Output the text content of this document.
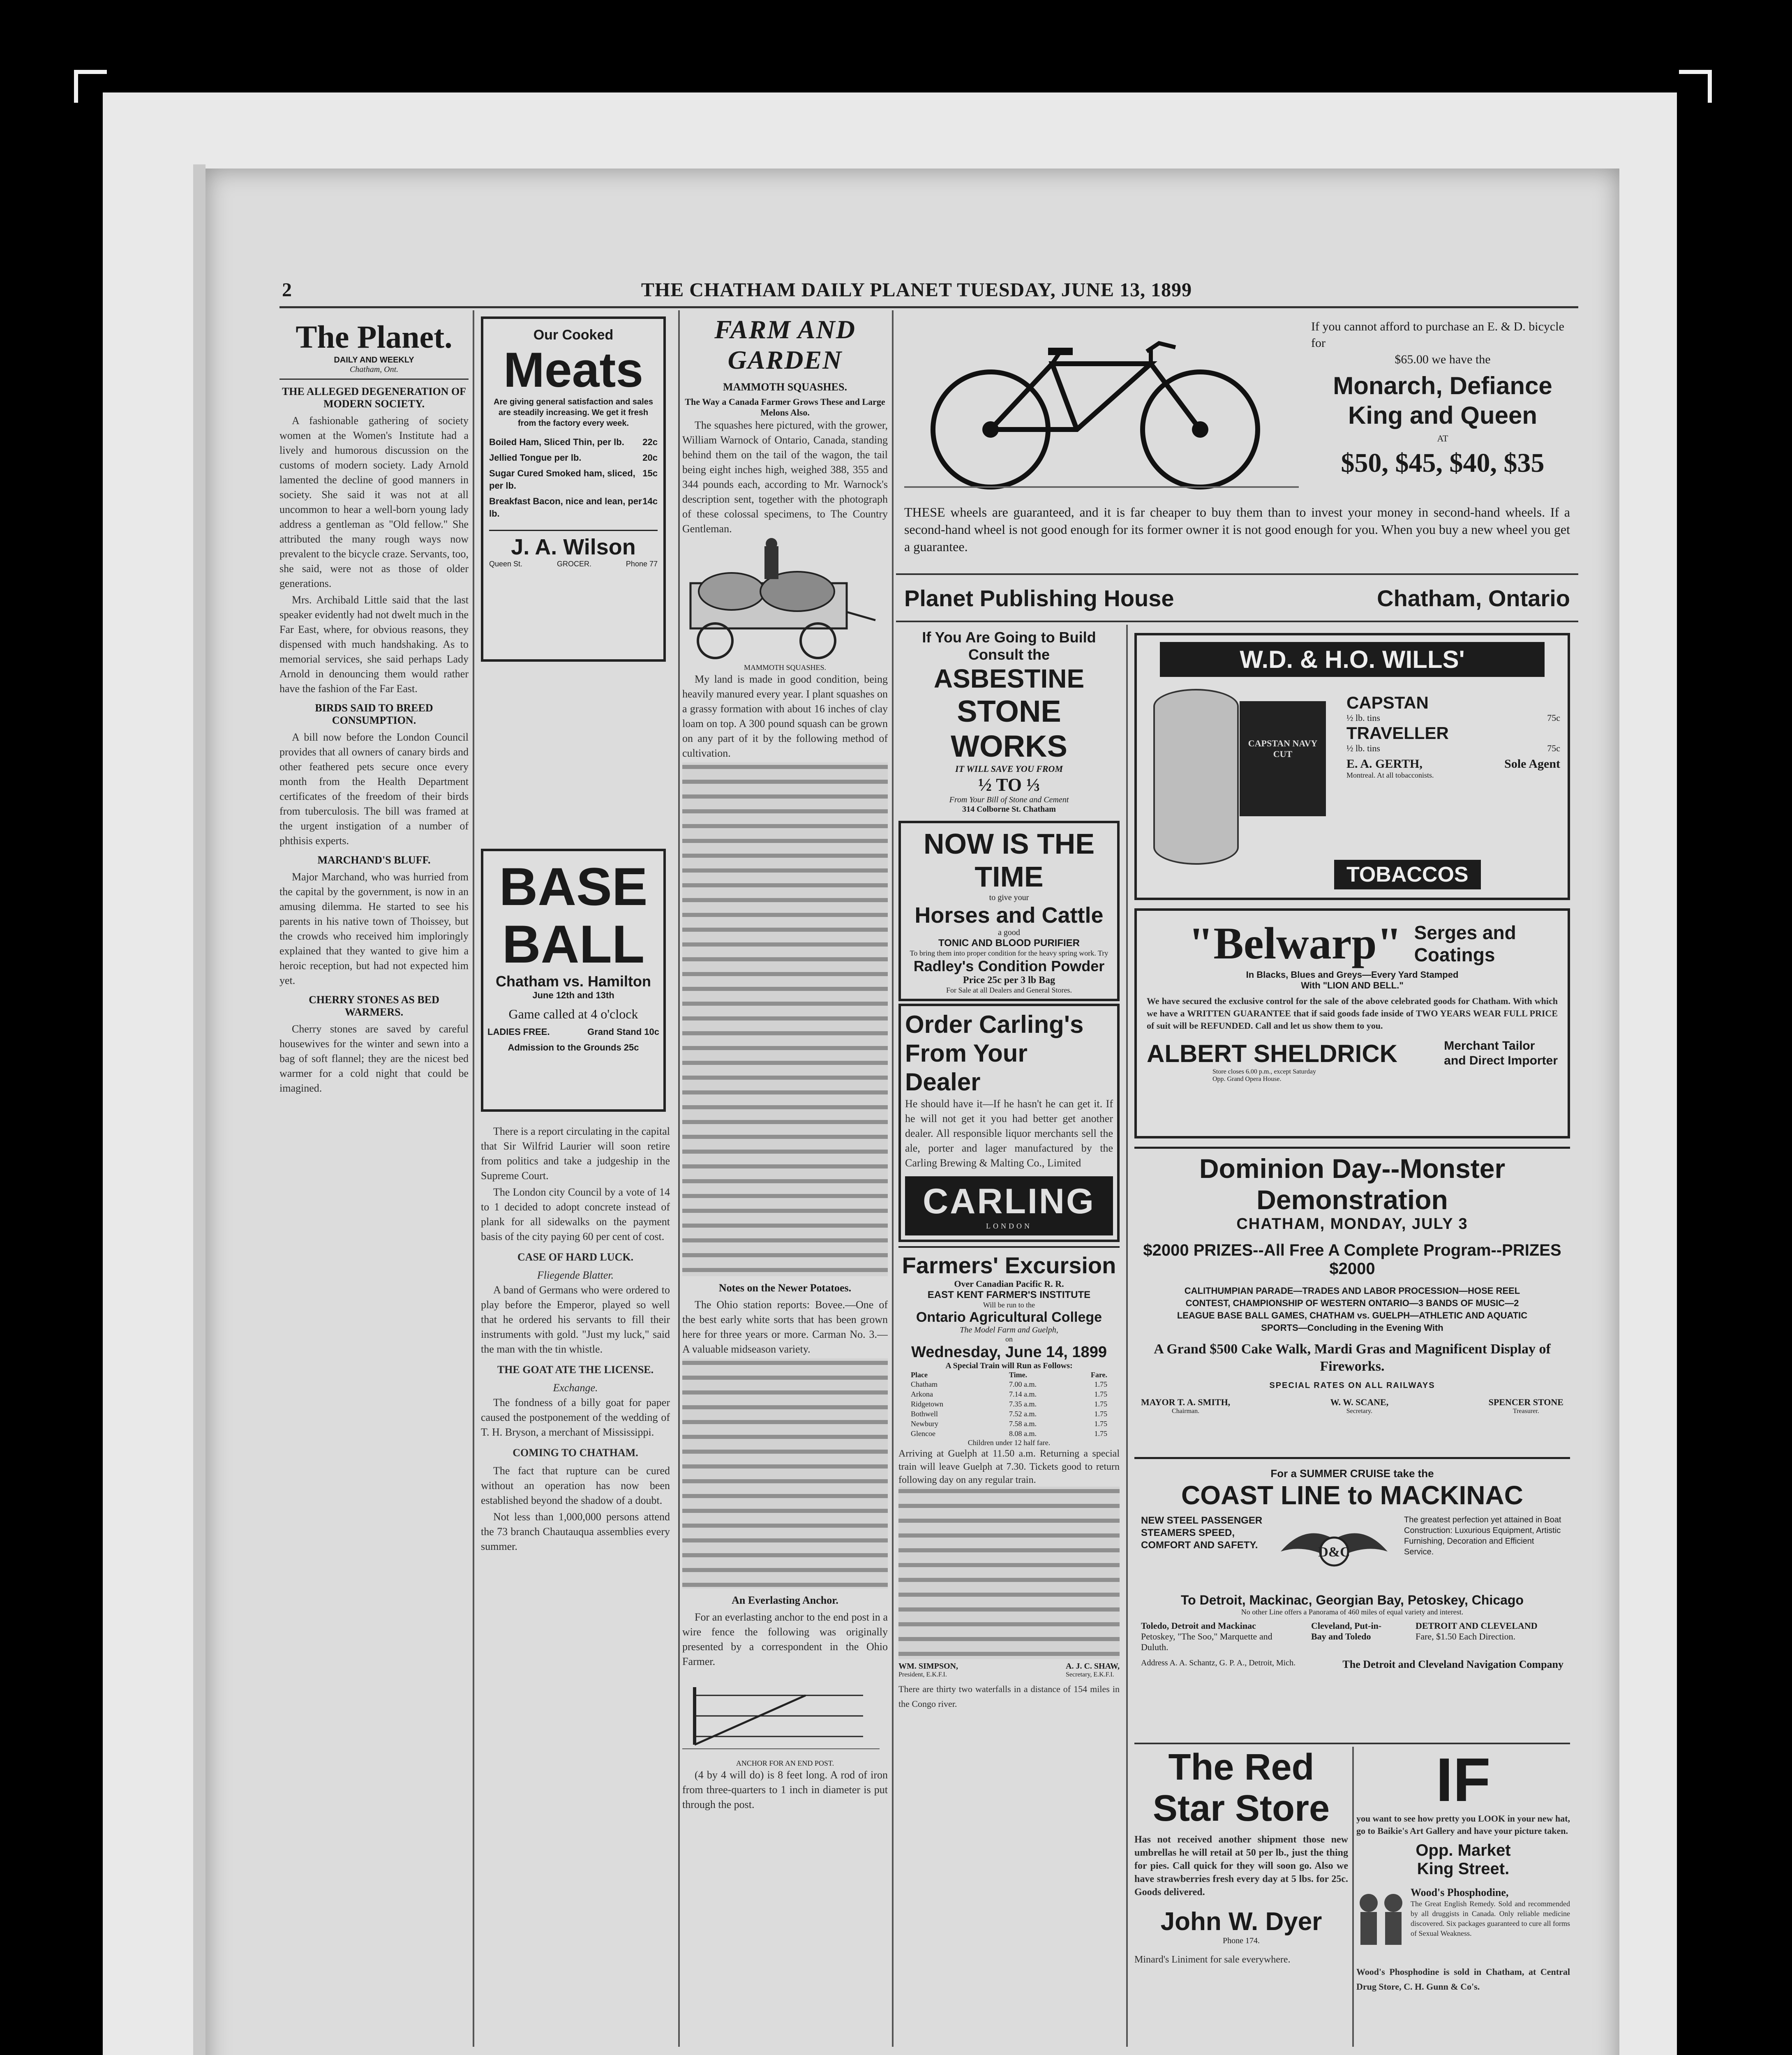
2	THE CHATHAM DAILY PLANET TUESDAY, JUNE 13, 1899
The Planet.
DAILY AND WEEKLY
Chatham, Ont.
THE ALLEGED DEGENERATION OF MODERN SOCIETY.

A fashionable gathering of society women at the Women's Institute had a lively and humorous discussion on the customs of modern society. Lady Arnold lamented the decline of good manners in society. She said it was not at all uncommon to hear a well-born young lady address a gentleman as "Old fellow." She attributed the many rough ways now prevalent to the bicycle craze. Servants, too, she said, were not as those of older generations.

Mrs. Archibald Little said that the last speaker evidently had not dwelt much in the Far East, where, for obvious reasons, they dispensed with much handshaking. As to memorial services, she said perhaps Lady Arnold in denouncing them would rather have the fashion of the Far East.

BIRDS SAID TO BREED CONSUMPTION.

A bill now before the London Council provides that all owners of canary birds and other feathered pets secure once every month from the Health Department certificates of the freedom of their birds from tuberculosis. The bill was framed at the urgent instigation of a number of phthisis experts.

MARCHAND'S BLUFF.

Major Marchand, who was hurried from the capital by the government, is now in an amusing dilemma. He started to see his parents in his native town of Thoissey, but the crowds who received him imploringly explained that they wanted to give him a heroic reception, but had not expected him yet.

CHERRY STONES AS BED WARMERS.

Cherry stones are saved by careful housewives for the winter and sewn into a bag of soft flannel; they are the nicest bed warmer for a cold night that could be imagined.

Our Cooked
Meats
Are giving general satisfaction and sales are steadily increasing. We get it fresh from the factory every week.
Boiled Ham, Sliced Thin, per lb. 22c
Jellied Tongue per lb.	20c
Sugar Cured Smoked ham, sliced, per lb.
15c
Breakfast Bacon, nice and lean, per lb.
14c
J. A. Wilson
Queen St.	GROCER.	Phone 77
BASE
BALL
Chatham vs. Hamilton
June 12th and 13th
Game called at 4 o'clock
LADIES FREE.	Grand Stand 10c
Admission to the Grounds 25c

There is a report circulating in the capital that Sir Wilfrid Laurier will soon retire from politics and take a judgeship in the Supreme Court.

The London city Council by a vote of 14 to 1 decided to adopt concrete instead of plank for all sidewalks on the payment basis of the city paying 60 per cent of cost.

CASE OF HARD LUCK.
Fliegende Blatter.

A band of Germans who were ordered to play before the Emperor, played so well that he ordered his servants to fill their instruments with gold. "Just my luck," said the man with the tin whistle.

THE GOAT ATE THE LICENSE.
Exchange.

The fondness of a billy goat for paper caused the postponement of the wedding of T. H. Bryson, a merchant of Mississippi.

COMING TO CHATHAM.

The fact that rupture can be cured without an operation has now been established beyond the shadow of a doubt.

Not less than 1,000,000 persons attend the 73 branch Chautauqua assemblies every summer.

FARM AND GARDEN
MAMMOTH SQUASHES.
The Way a Canada Farmer Grows These and Large Melons Also.

The squashes here pictured, with the grower, William Warnock of Ontario, Canada, standing behind them on the tail of the wagon, the tail being eight inches high, weighed 388, 355 and 344 pounds each, according to Mr. Warnock's description sent, together with the photograph of these colossal specimens, to The Country Gentleman.

MAMMOTH SQUASHES.

My land is made in good condition, being heavily manured every year. I plant squashes on a grassy formation with about 16 inches of clay loam on top. A 300 pound squash can be grown on any part of it by the following method of cultivation.

Notes on the Newer Potatoes.

The Ohio station reports: Bovee.—One of the best early white sorts that has been grown here for three years or more. Carman No. 3.—A valuable midseason variety.

An Everlasting Anchor.

For an everlasting anchor to the end post in a wire fence the following was originally presented by a correspondent in the Ohio Farmer.

ANCHOR FOR AN END POST.

(4 by 4 will do) is 8 feet long. A rod of iron from three-quarters to 1 inch in diameter is put through the post.

If you cannot afford to purchase an E. & D. bicycle for
$65.00 we have the
Monarch, Defiance
King and Queen
AT
$50, $45, $40, $35
THESE wheels are guaranteed, and it is far cheaper to buy them than to invest your money in second-hand wheels. If a second-hand wheel is not good enough for its former owner it is not good enough for you. When you buy a new wheel you get a guarantee.
Planet Publishing House	Chatham, Ontario
If You Are Going to Build
Consult the
ASBESTINE
STONE WORKS
IT WILL SAVE YOU FROM
½ TO ⅓
From Your Bill of Stone and Cement
314 Colborne St. Chatham
NOW IS THE TIME
to give your
Horses and Cattle
a good
TONIC AND BLOOD PURIFIER
To bring them into proper condition for the heavy spring work. Try
Radley's Condition Powder
Price 25c per 3 lb Bag
For Sale at all Dealers and General Stores.
Order Carling's
From Your
Dealer
He should have it—If he hasn't he can get it. If he will not get it you had better get another dealer. All responsible liquor merchants sell the ale, porter and lager manufactured by the Carling Brewing & Malting Co., Limited
CARLING
LONDON
Farmers' Excursion
Over Canadian Pacific R. R.
EAST KENT FARMER'S INSTITUTE
Will be run to the
Ontario Agricultural College
The Model Farm and Guelph,
on
Wednesday, June 14, 1899
A Special Train will Run as Follows:
Place	Time.	Fare.
Chatham	7.00 a.m.	1.75
Arkona	7.14 a.m.	1.75
Ridgetown	7.35 a.m.	1.75
Bothwell	7.52 a.m.	1.75
Newbury	7.58 a.m.	1.75
Glencoe	8.08 a.m.	1.75
Children under 12 half fare.
Arriving at Guelph at 11.50 a.m. Returning a special train will leave Guelph at 7.30. Tickets good to return following day on any regular train.
WM. SIMPSON,
President, E.K.F.I.
A. J. C. SHAW,
Secretary, E.K.F.I.
There are thirty two waterfalls in a distance of 154 miles in the Congo river.
W.D. & H.O. WILLS'
CAPSTAN NAVY CUT
CAPSTAN
½ lb. tins	75c
TRAVELLER
½ lb. tins	75c
E. A. GERTH,	Sole Agent
Montreal. At all tobacconists.
TOBACCOS
"Belwarp" Serges and
Coatings
In Blacks, Blues and Greys—Every Yard Stamped
With "LION AND BELL."
We have secured the exclusive control for the sale of the above celebrated goods for Chatham. With which we have a WRITTEN GUARANTEE that if said goods fade inside of TWO YEARS WEAR FULL PRICE of suit will be REFUNDED. Call and let us show them to you.
ALBERT SHELDRICK	Merchant Tailor
and Direct Importer
Store closes 6.00 p.m., except Saturday
Opp. Grand Opera House.
Dominion Day--Monster Demonstration
CHATHAM, MONDAY, JULY 3
$2000 PRIZES--All Free A Complete Program--PRIZES $2000
CALITHUMPIAN PARADE—TRADES AND LABOR PROCESSION—HOSE REEL CONTEST, CHAMPIONSHIP OF WESTERN ONTARIO—3 BANDS OF MUSIC—2 LEAGUE BASE BALL GAMES, CHATHAM vs. GUELPH—ATHLETIC AND AQUATIC SPORTS—Concluding in the Evening With
A Grand $500 Cake Walk, Mardi Gras and Magnificent Display of Fireworks.
SPECIAL RATES ON ALL RAILWAYS
MAYOR T. A. SMITH,
Chairman.
W. W. SCANE,
Secretary.
SPENCER STONE
Treasurer.
For a SUMMER CRUISE take the
COAST LINE to MACKINAC
NEW STEEL PASSENGER STEAMERS SPEED, COMFORT AND SAFETY.	D&C
The greatest perfection yet attained in Boat Construction: Luxurious Equipment, Artistic Furnishing, Decoration and Efficient Service.
To Detroit, Mackinac, Georgian Bay, Petoskey, Chicago
No other Line offers a Panorama of 460 miles of equal variety and interest.
Toledo, Detroit and Mackinac
Petoskey, "The Soo," Marquette and Duluth.
Cleveland, Put-in-Bay and Toledo
DETROIT AND CLEVELAND
Fare, $1.50 Each Direction.
Address A. A. Schantz, G. P. A., Detroit, Mich.	The Detroit and Cleveland Navigation Company
The Red
Star Store
Has not received another shipment those new umbrellas he will retail at 50 per lb., just the thing for pies. Call quick for they will soon go. Also we have strawberries fresh every day at 5 lbs. for 25c. Goods delivered.
John W. Dyer
Phone 174.
Minard's Liniment for sale everywhere.
IF
you want to see how pretty you LOOK in your new hat, go to Baikie's Art Gallery and have your picture taken.
Opp. Market
King Street.
Wood's Phosphodine,
The Great English Remedy. Sold and recommended by all druggists in Canada. Only reliable medicine discovered. Six packages guaranteed to cure all forms of Sexual Weakness.
Wood's Phosphodine is sold in Chatham, at Central Drug Store, C. H. Gunn & Co's.
